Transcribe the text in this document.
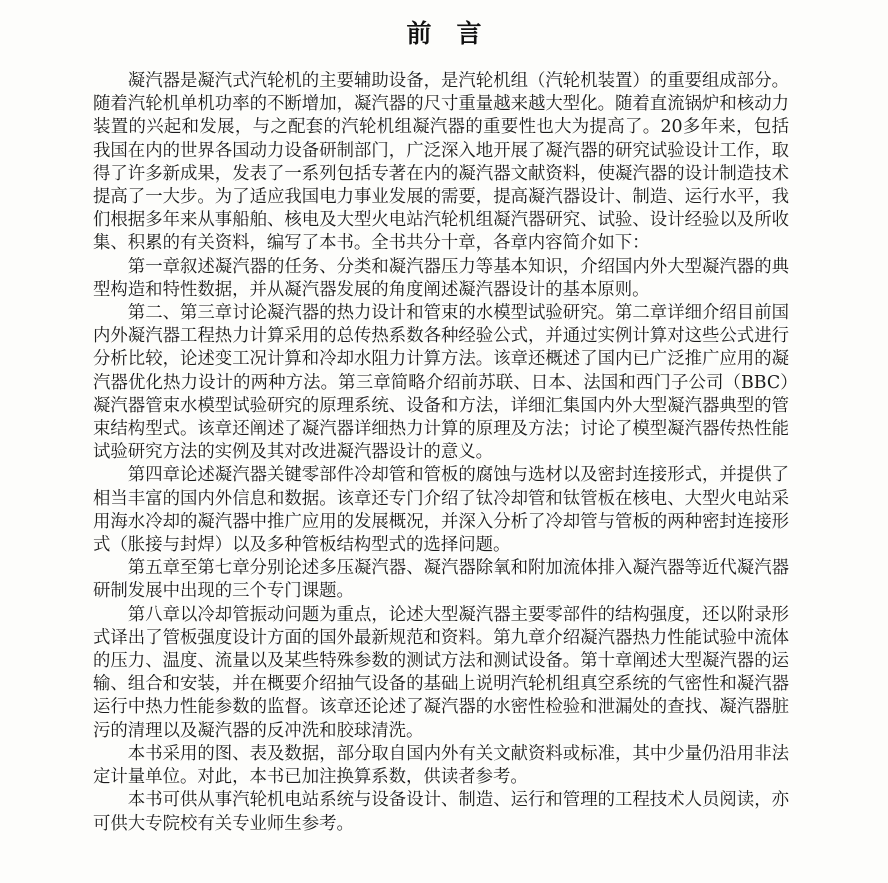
前　言

凝汽器是凝汽式汽轮机的主要辅助设备，是汽轮机组（汽轮机装置）的重要组成部分。随着汽轮机单机功率的不断增加，凝汽器的尺寸重量越来越大型化。随着直流锅炉和核动力装置的兴起和发展，与之配套的汽轮机组凝汽器的重要性也大为提高了。20多年来，包括我国在内的世界各国动力设备研制部门，广泛深入地开展了凝汽器的研究试验设计工作，取得了许多新成果，发表了一系列包括专著在内的凝汽器文献资料，使凝汽器的设计制造技术提高了一大步。为了适应我国电力事业发展的需要，提高凝汽器设计、制造、运行水平，我们根据多年来从事船舶、核电及大型火电站汽轮机组凝汽器研究、试验、设计经验以及所收集、积累的有关资料，编写了本书。全书共分十章，各章内容简介如下：

第一章叙述凝汽器的任务、分类和凝汽器压力等基本知识，介绍国内外大型凝汽器的典型构造和特性数据，并从凝汽器发展的角度阐述凝汽器设计的基本原则。

第二、第三章讨论凝汽器的热力设计和管束的水模型试验研究。第二章详细介绍目前国内外凝汽器工程热力计算采用的总传热系数各种经验公式，并通过实例计算对这些公式进行分析比较，论述变工况计算和冷却水阻力计算方法。该章还概述了国内已广泛推广应用的凝汽器优化热力设计的两种方法。第三章简略介绍前苏联、日本、法国和西门子公司（BBC）凝汽器管束水模型试验研究的原理系统、设备和方法，详细汇集国内外大型凝汽器典型的管束结构型式。该章还阐述了凝汽器详细热力计算的原理及方法；讨论了模型凝汽器传热性能试验研究方法的实例及其对改进凝汽器设计的意义。

第四章论述凝汽器关键零部件冷却管和管板的腐蚀与选材以及密封连接形式，并提供了相当丰富的国内外信息和数据。该章还专门介绍了钛冷却管和钛管板在核电、大型火电站采用海水冷却的凝汽器中推广应用的发展概况，并深入分析了冷却管与管板的两种密封连接形式（胀接与封焊）以及多种管板结构型式的选择问题。

第五章至第七章分别论述多压凝汽器、凝汽器除氧和附加流体排入凝汽器等近代凝汽器研制发展中出现的三个专门课题。

第八章以冷却管振动问题为重点，论述大型凝汽器主要零部件的结构强度，还以附录形式译出了管板强度设计方面的国外最新规范和资料。第九章介绍凝汽器热力性能试验中流体的压力、温度、流量以及某些特殊参数的测试方法和测试设备。第十章阐述大型凝汽器的运输、组合和安装，并在概要介绍抽气设备的基础上说明汽轮机组真空系统的气密性和凝汽器运行中热力性能参数的监督。该章还论述了凝汽器的水密性检验和泄漏处的查找、凝汽器脏污的清理以及凝汽器的反冲洗和胶球清洗。

本书采用的图、表及数据，部分取自国内外有关文献资料或标准，其中少量仍沿用非法定计量单位。对此，本书已加注换算系数，供读者参考。

本书可供从事汽轮机电站系统与设备设计、制造、运行和管理的工程技术人员阅读，亦可供大专院校有关专业师生参考。
